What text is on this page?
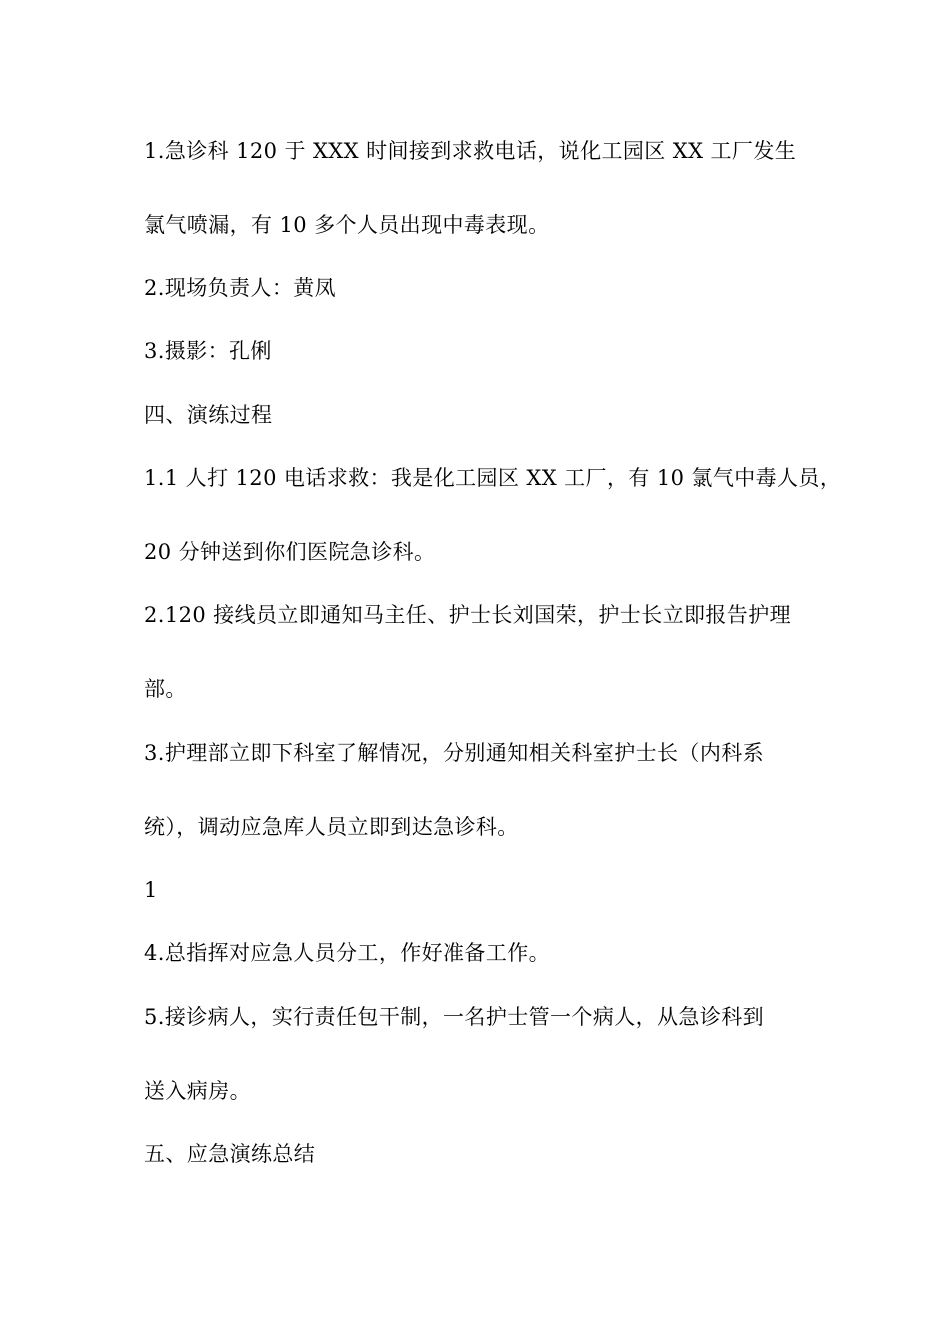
1.急诊科 120 于 XXX 时间接到求救电话，说化工园区 XX 工厂发生
氯气喷漏，有 10 多个人员出现中毒表现。
2.现场负责人：黄凤
3.摄影：孔俐
四、演练过程
1.1 人打 120 电话求救：我是化工园区 XX 工厂，有 10 氯气中毒人员，
20 分钟送到你们医院急诊科。
2.120 接线员立即通知马主任、护士长刘国荣，护士长立即报告护理
部。
3.护理部立即下科室了解情况，分别通知相关科室护士长（内科系
统），调动应急库人员立即到达急诊科。
1
4.总指挥对应急人员分工，作好准备工作。
5.接诊病人，实行责任包干制，一名护士管一个病人，从急诊科到
送入病房。
五、应急演练总结
